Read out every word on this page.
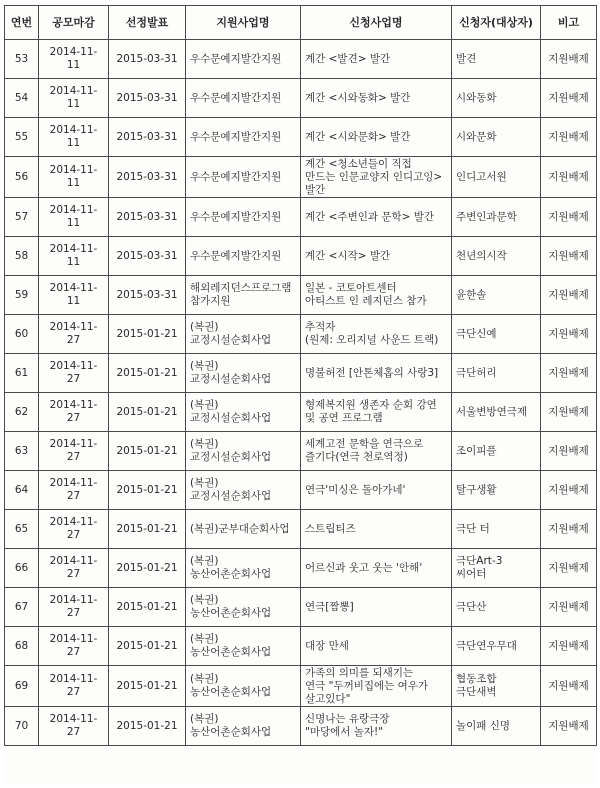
연번	공모마감	선정발표	지원사업명	신청사업명	신청자(대상자)	비고
53	2014-11-11	2015-03-31	우수문예지발간지원	계간 <발견> 발간	발견	지원배제
54	2014-11-11	2015-03-31	우수문예지발간지원	계간 <시와동화> 발간	시와동화	지원배제
55	2014-11-11	2015-03-31	우수문예지발간지원	계간 <시와문화> 발간	시와문화	지원배제
56	2014-11-11	2015-03-31	우수문예지발간지원	계간 <청소년들이 직접
만드는 인문교양지 인디고잉>
발간	인디고서원	지원배제
57	2014-11-11	2015-03-31	우수문예지발간지원	계간 <주변인과 문학> 발간	주변인과문학	지원배제
58	2014-11-11	2015-03-31	우수문예지발간지원	계간 <시작> 발간	천년의시작	지원배제
59	2014-11-11	2015-03-31	해외레지던스프로그램
참가지원	일본 - 코토아트센터
아티스트 인 레지던스 참가	윤한솔	지원배제
60	2014-11-27	2015-01-21	(복권)
교정시설순회사업	추적자
(원제: 오리지널 사운드 트랙)	극단신예	지원배제
61	2014-11-27	2015-01-21	(복권)
교정시설순회사업	명불허전 [안톤체홉의 사랑3]	극단허리	지원배제
62	2014-11-27	2015-01-21	(복권)
교정시설순회사업	형제복지원 생존자 순회 강연
및 공연 프로그램	서울변방연극제	지원배제
63	2014-11-27	2015-01-21	(복권)
교정시설순회사업	세계고전 문학을 연극으로
즐기다(연극 천로역정)	조이피플	지원배제
64	2014-11-27	2015-01-21	(복권)
교정시설순회사업	연극'미싱은 돌아가네'	탈구생활	지원배제
65	2014-11-27	2015-01-21	(복권)군부대순회사업	스트립티즈	극단 터	지원배제
66	2014-11-27	2015-01-21	(복권)
농산어촌순회사업	어르신과 웃고 웃는 '안해'	극단Art-3
씨어터	지원배제
67	2014-11-27	2015-01-21	(복권)
농산어촌순회사업	연극[짬뽕]	극단산	지원배제
68	2014-11-27	2015-01-21	(복권)
농산어촌순회사업	대장 만세	극단연우무대	지원배제
69	2014-11-27	2015-01-21	(복권)
농산어촌순회사업	가족의 의미를 되새기는
연극 "두꺼비집에는 여우가
살고있다"	협동조합
극단새벽	지원배제
70	2014-11-27	2015-01-21	(복권)
농산어촌순회사업	신명나는 유랑극장
"마당에서 놀자!"	놀이패 신명	지원배제
